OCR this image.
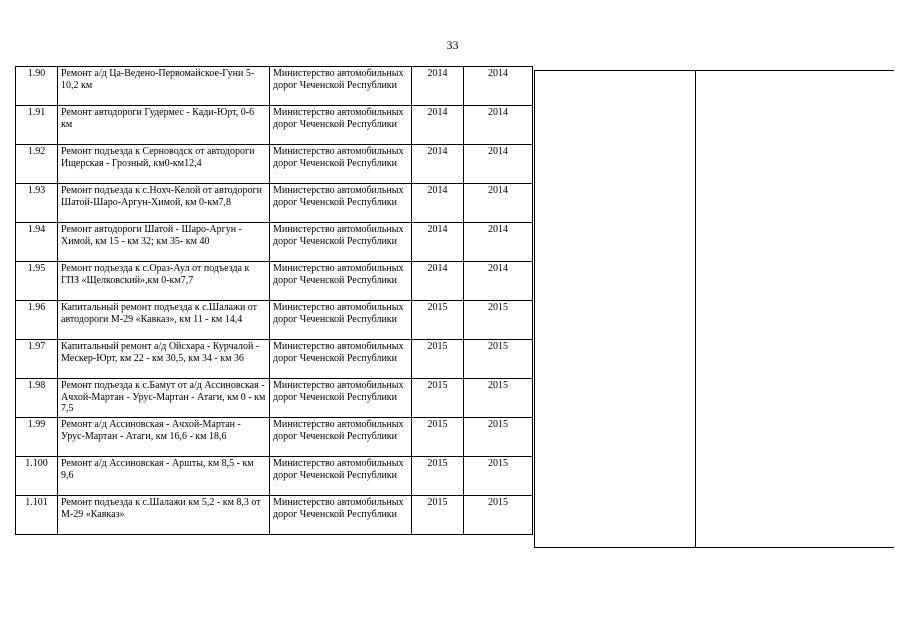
33
1.90	Ремонт а/д Ца-Ведено-Первомайское-Гуни 5-10,2 км	Министерство автомобильных дорог Чеченской Республики	2014	2014
1.91	Ремонт автодороги Гудермес - Кади-Юрт, 0-6 км	Министерство автомобильных дорог Чеченской Республики	2014	2014
1.92	Ремонт подъезда к Серноводск от автодороги Ищерская - Грозный, км0-км12,4	Министерство автомобильных дорог Чеченской Республики	2014	2014
1.93	Ремонт подъезда к с.Нохч-Келой от автодороги Шатой-Шаро-Аргун-Химой, км 0-км7,8	Министерство автомобильных дорог Чеченской Республики	2014	2014
1.94	Ремонт автодороги Шатой - Шаро-Аргун - Химой, км 15 - км 32; км 35- км 40	Министерство автомобильных дорог Чеченской Республики	2014	2014
1.95	Ремонт подъезда к с.Ораз-Аул от подъезда к ГПЗ «Щелковский»,км 0-км7,7	Министерство автомобильных дорог Чеченской Республики	2014	2014
1.96	Капитальный ремонт подъезда к с.Шалажи от автодороги М-29 «Кавказ», км 11 - км 14,4	Министерство автомобильных дорог Чеченской Республики	2015	2015
1.97	Капитальный ремонт а/д Ойсхара - Курчалой - Мескер-Юрт, км 22 - км 30,5, км 34 - км 36	Министерство автомобильных дорог Чеченской Республики	2015	2015
1.98	Ремонт подъезда к с.Бамут от а/д Ассиновская - Ачхой-Мартан - Урус-Мартан - Атаги, км 0 - км 7,5	Министерство автомобильных дорог Чеченской Республики	2015	2015
1.99	Ремонт а/д Ассиновская - Ачхой-Мартан - Урус-Мартан - Атаги, км 16,6 - км 18,6	Министерство автомобильных дорог Чеченской Республики	2015	2015
1.100	Ремонт а/д Ассиновская - Аршты, км 8,5 - км 9,6	Министерство автомобильных дорог Чеченской Республики	2015	2015
1.101	Ремонт подъезда к с.Шалажи км 5,2 - км 8,3 от М-29 «Кавказ»	Министерство автомобильных дорог Чеченской Республики	2015	2015
